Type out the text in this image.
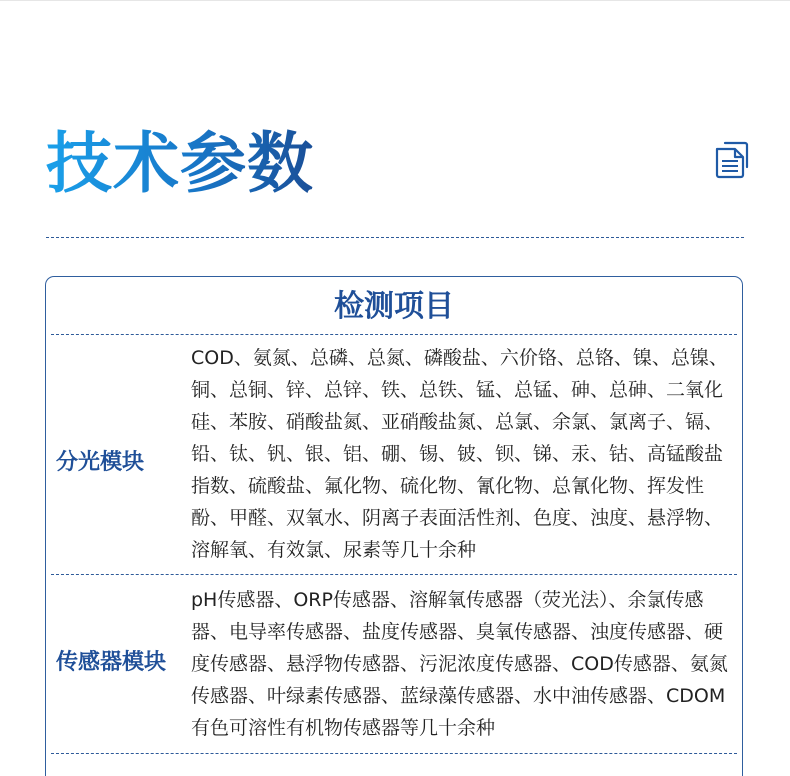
技术参数
检测项目
分光模块

COD、氨氮、总磷、总氮、磷酸盐、六价铬、总铬、镍、总镍、铜、总铜、锌、总锌、铁、总铁、锰、总锰、砷、总砷、二氧化硅、苯胺、硝酸盐氮、亚硝酸盐氮、总氯、余氯、氯离子、镉、铅、钛、钒、银、铝、硼、锡、铍、钡、锑、汞、钴、高锰酸盐指数、硫酸盐、氟化物、硫化物、氰化物、总氰化物、挥发性酚、甲醛、双氧水、阴离子表面活性剂、色度、浊度、悬浮物、溶解氧、有效氯、尿素等几十余种

传感器模块

pH传感器、ORP传感器、溶解氧传感器（荧光法）、余氯传感器、电导率传感器、盐度传感器、臭氧传感器、浊度传感器、硬度传感器、悬浮物传感器、污泥浓度传感器、COD传感器、氨氮传感器、叶绿素传感器、蓝绿藻传感器、水中油传感器、CDOM有色可溶性有机物传感器等几十余种
